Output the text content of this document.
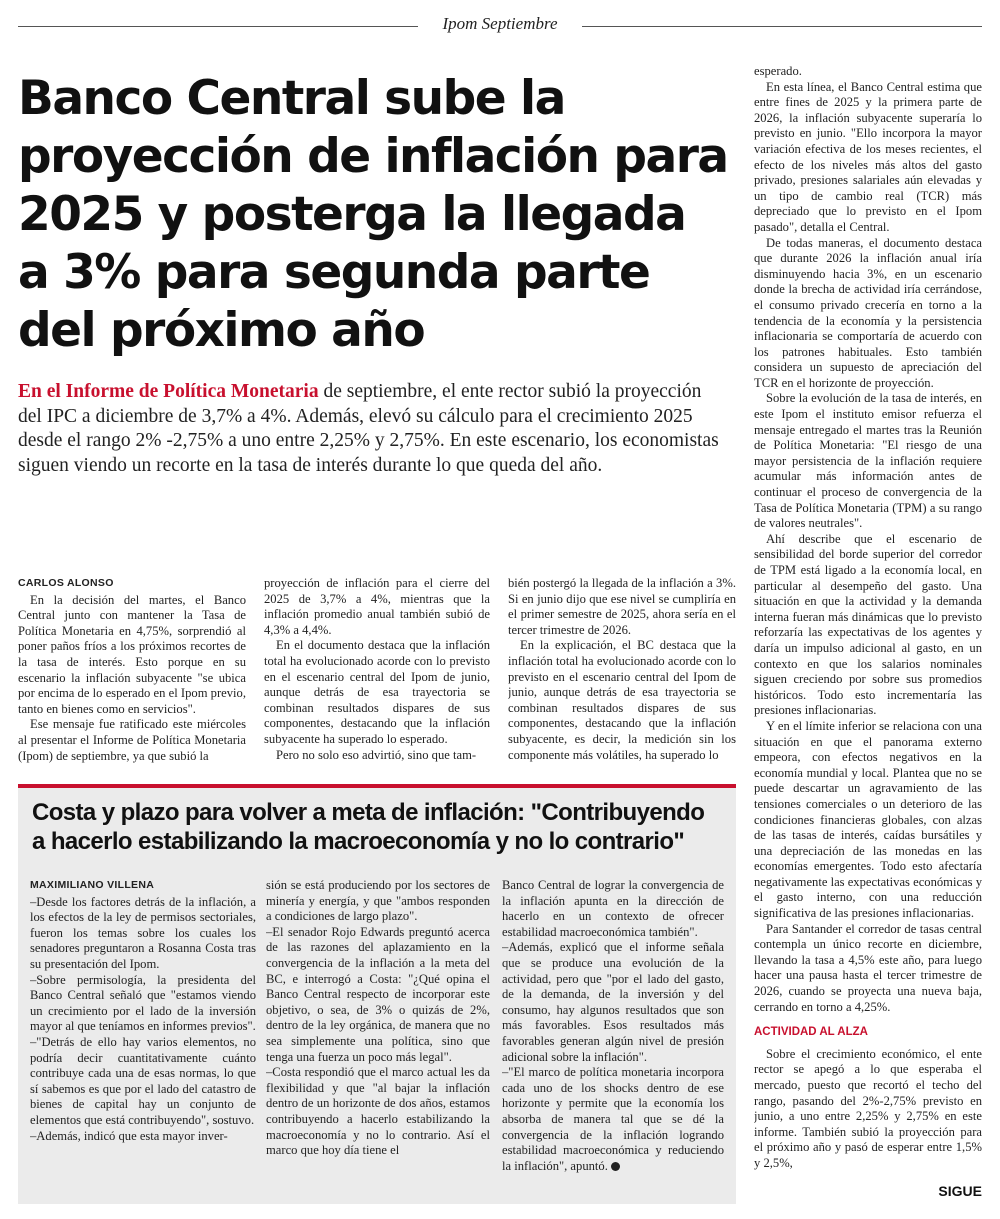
Ipom Septiembre
Banco Central sube la
proyección de inflación para
2025 y posterga la llegada
a 3% para segunda parte
del próximo año
En el Informe de Política Monetaria de septiembre, el ente rector subió la proyección del IPC a diciembre de 3,7% a 4%. Además, elevó su cálculo para el crecimiento 2025 desde el rango 2% -2,75% a uno entre 2,25% y 2,75%. En este escenario, los economistas siguen viendo un recorte en la tasa de interés durante lo que queda del año.
CARLOS ALONSO

En la decisión del martes, el Banco Central junto con mantener la Tasa de Política Monetaria en 4,75%, sorprendió al poner paños fríos a los próximos recortes de la tasa de interés. Esto porque en su escenario la inflación subyacente "se ubica por encima de lo esperado en el Ipom previo, tanto en bienes como en servicios".

Ese mensaje fue ratificado este miércoles al presentar el Informe de Política Monetaria (Ipom) de septiembre, ya que subió la

proyección de inflación para el cierre del 2025 de 3,7% a 4%, mientras que la inflación promedio anual también subió de 4,3% a 4,4%.

En el documento destaca que la inflación total ha evolucionado acorde con lo previsto en el escenario central del Ipom de junio, aunque detrás de esa trayectoria se combinan resultados dispares de sus componentes, destacando que la inflación subyacente ha superado lo esperado.

Pero no solo eso advirtió, sino que tam-

bién postergó la llegada de la inflación a 3%. Si en junio dijo que ese nivel se cumpliría en el primer semestre de 2025, ahora sería en el tercer trimestre de 2026.

En la explicación, el BC destaca que la inflación total ha evolucionado acorde con lo previsto en el escenario central del Ipom de junio, aunque detrás de esa trayectoria se combinan resultados dispares de sus componentes, destacando que la inflación subyacente, es decir, la medición sin los componente más volátiles, ha superado lo

esperado.

En esta línea, el Banco Central estima que entre fines de 2025 y la primera parte de 2026, la inflación subyacente superaría lo previsto en junio. "Ello incorpora la mayor variación efectiva de los meses recientes, el efecto de los niveles más altos del gasto privado, presiones salariales aún elevadas y un tipo de cambio real (TCR) más depreciado que lo previsto en el Ipom pasado", detalla el Central.

De todas maneras, el documento destaca que durante 2026 la inflación anual iría disminuyendo hacia 3%, en un escenario donde la brecha de actividad iría cerrándose, el consumo privado crecería en torno a la tendencia de la economía y la persistencia inflacionaria se comportaría de acuerdo con los patrones habituales. Esto también considera un supuesto de apreciación del TCR en el horizonte de proyección.

Sobre la evolución de la tasa de interés, en este Ipom el instituto emisor refuerza el mensaje entregado el martes tras la Reunión de Política Monetaria: "El riesgo de una mayor persistencia de la inflación requiere acumular más información antes de continuar el proceso de convergencia de la Tasa de Política Monetaria (TPM) a su rango de valores neutrales".

Ahí describe que el escenario de sensibilidad del borde superior del corredor de TPM está ligado a la economía local, en particular al desempeño del gasto. Una situación en que la actividad y la demanda interna fueran más dinámicas que lo previsto reforzaría las expectativas de los agentes y daría un impulso adicional al gasto, en un contexto en que los salarios nominales siguen creciendo por sobre sus promedios históricos. Todo esto incrementaría las presiones inflacionarias.

Y en el límite inferior se relaciona con una situación en que el panorama externo empeora, con efectos negativos en la economía mundial y local. Plantea que no se puede descartar un agravamiento de las tensiones comerciales o un deterioro de las condiciones financieras globales, con alzas de las tasas de interés, caídas bursátiles y una depreciación de las monedas en las economías emergentes. Todo esto afectaría negativamente las expectativas económicas y el gasto interno, con una reducción significativa de las presiones inflacionarias.

Para Santander el corredor de tasas central contempla un único recorte en diciembre, llevando la tasa a 4,5% este año, para luego hacer una pausa hasta el tercer trimestre de 2026, cuando se proyecta una nueva baja, cerrando en torno a 4,25%.

ACTIVIDAD AL ALZA

Sobre el crecimiento económico, el ente rector se apegó a lo que esperaba el mercado, puesto que recortó el techo del rango, pasando del 2%-2,75% previsto en junio, a uno entre 2,25% y 2,75% en este informe. También subió la proyección para el próximo año y pasó de esperar entre 1,5% y 2,5%,

Costa y plazo para volver a meta de inflación: "Contribuyendo
a hacerlo estabilizando la macroeconomía y no lo contrario"
MAXIMILIANO VILLENA

–Desde los factores detrás de la inflación, a los efectos de la ley de permisos sectoriales, fueron los temas sobre los cuales los senadores preguntaron a Rosanna Costa tras su presentación del Ipom.

–Sobre permisología, la presidenta del Banco Central señaló que "estamos viendo un crecimiento por el lado de la inversión mayor al que teníamos en informes previos".

–"Detrás de ello hay varios elementos, no podría decir cuantitativamente cuánto contribuye cada una de esas normas, lo que sí sabemos es que por el lado del catastro de bienes de capital hay un conjunto de elementos que está contribuyendo", sostuvo.

–Además, indicó que esta mayor inver-

sión se está produciendo por los sectores de minería y energía, y que "ambos responden a condiciones de largo plazo".

–El senador Rojo Edwards preguntó acerca de las razones del aplazamiento en la convergencia de la inflación a la meta del BC, e interrogó a Costa: "¿Qué opina el Banco Central respecto de incorporar este objetivo, o sea, de 3% o quizás de 2%, dentro de la ley orgánica, de manera que no sea simplemente una política, sino que tenga una fuerza un poco más legal".

–Costa respondió que el marco actual les da flexibilidad y que "al bajar la inflación dentro de un horizonte de dos años, estamos contribuyendo a hacerlo estabilizando la macroeconomía y no lo contrario. Así el marco que hoy día tiene el

Banco Central de lograr la convergencia de la inflación apunta en la dirección de hacerlo en un contexto de ofrecer estabilidad macroeconómica también".

–Además, explicó que el informe señala que se produce una evolución de la actividad, pero que "por el lado del gasto, de la demanda, de la inversión y del consumo, hay algunos resultados que son más favorables. Esos resultados más favorables generan algún nivel de presión adicional sobre la inflación".

–"El marco de política monetaria incorpora cada uno de los shocks dentro de ese horizonte y permite que la economía los absorba de manera tal que se dé la convergencia de la inflación logrando estabilidad macroeconómica y reduciendo la inflación", apuntó.

SIGUE
